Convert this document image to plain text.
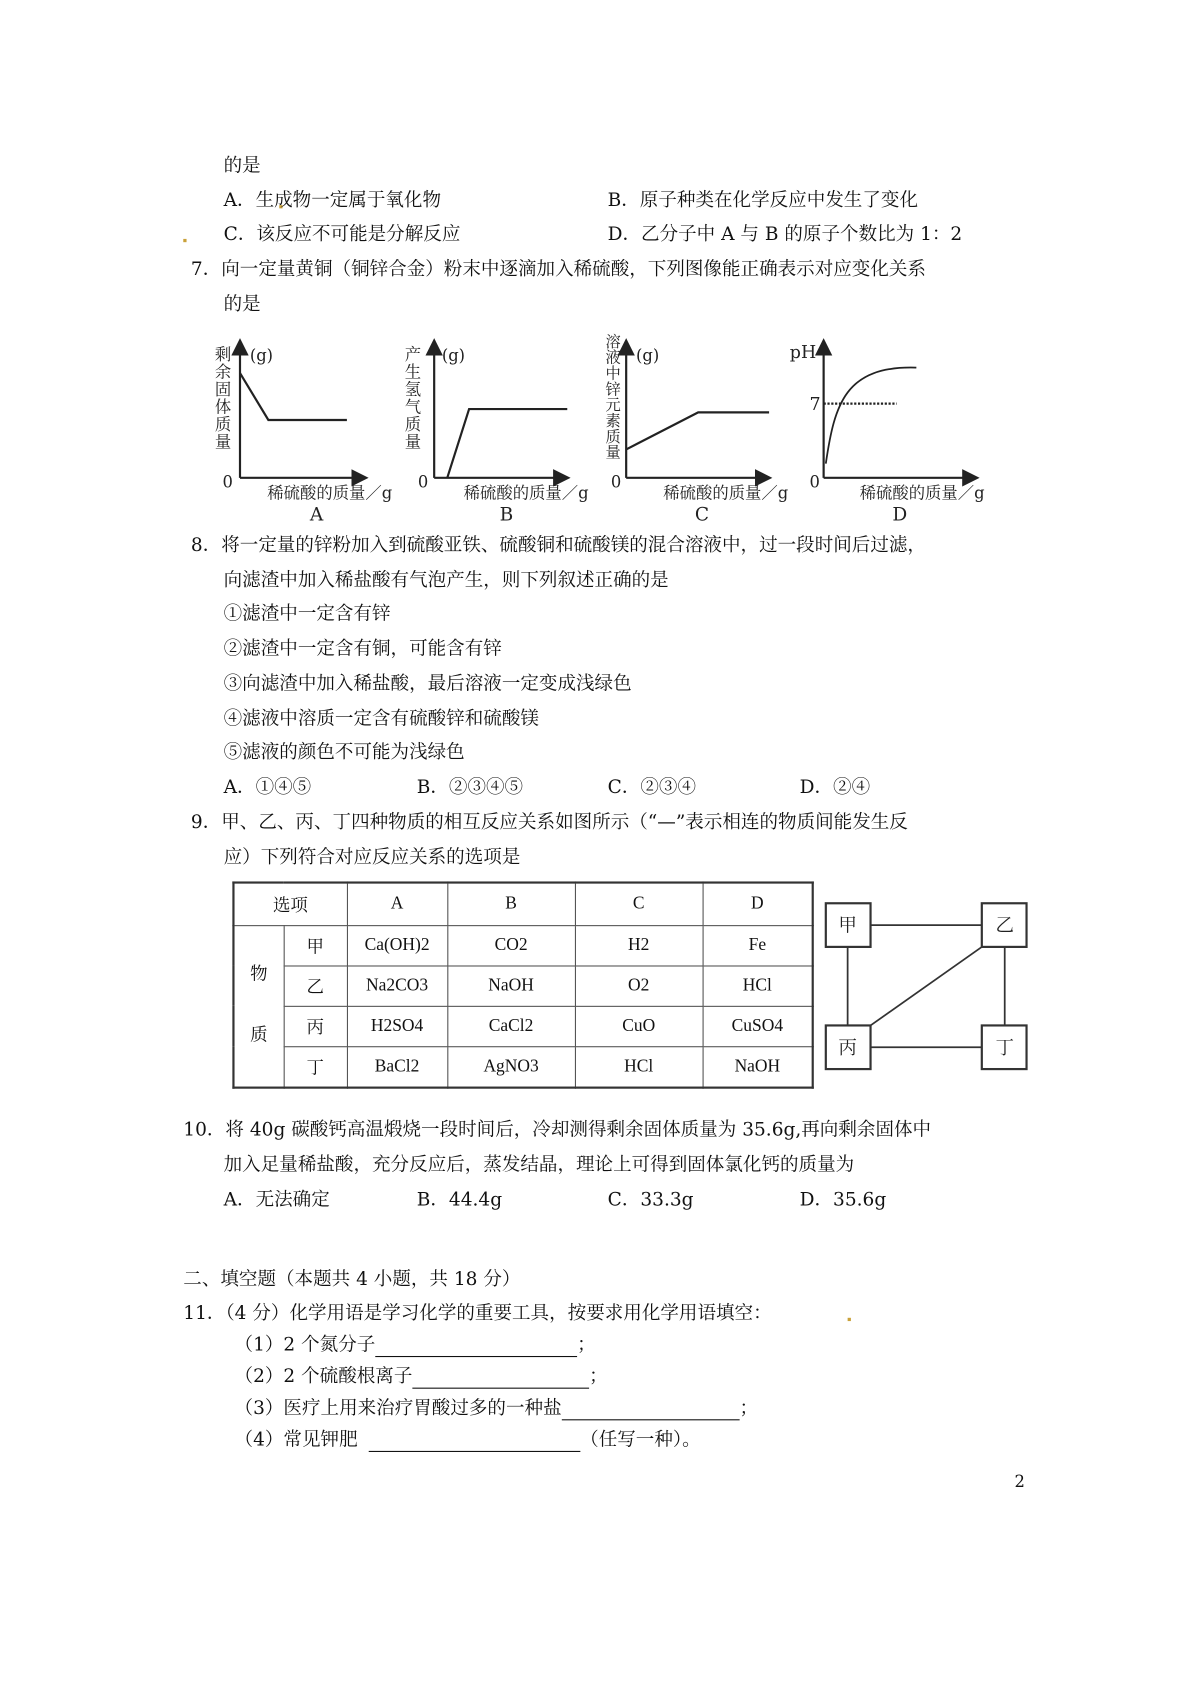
的是
A．生成物一定属于氧化物	B．原子种类在化学反应中发生了变化
C．该反应不可能是分解反应	D．乙分子中 A 与 B 的原子个数比为 1：2
7．向一定量黄铜（铜锌合金）粉末中逐滴加入稀硫酸，下列图像能正确表示对应变化关系
的是
剩余固体质量
(g)
0
稀硫酸的质量／g
A
产生氢气质量
(g)
0
稀硫酸的质量／g
B
溶液中锌元素质量
(g)
0
稀硫酸的质量／g
C
pH
7
0
稀硫酸的质量／g
D
8．将一定量的锌粉加入到硫酸亚铁、硫酸铜和硫酸镁的混合溶液中，过一段时间后过滤，
向滤渣中加入稀盐酸有气泡产生，则下列叙述正确的是
①滤渣中一定含有锌
②滤渣中一定含有铜，可能含有锌
③向滤渣中加入稀盐酸，最后溶液一定变成浅绿色
④滤液中溶质一定含有硫酸锌和硫酸镁
⑤滤液的颜色不可能为浅绿色
A．①④⑤	B．②③④⑤	C．②③④	D．②④
9．甲、乙、丙、丁四种物质的相互反应关系如图所示（“—”表示相连的物质间能发生反
应）下列符合对应反应关系的选项是
选项		A	B	C	D

物
质	甲	Ca(OH)2	CO2	H2	Fe
	乙	Na2CO3	NaOH	O2	HCl
	丙	H2SO4	CaCl2	CuO	CuSO4
	丁	BaCl2	AgNO3	HCl	NaOH
甲	乙
丙	丁
10．将 40g 碳酸钙高温煅烧一段时间后，冷却测得剩余固体质量为 35.6g,再向剩余固体中
加入足量稀盐酸，充分反应后，蒸发结晶，理论上可得到固体氯化钙的质量为
A．无法确定	B．44.4g	C．33.3g	D．35.6g
二、填空题（本题共 4 小题，共 18 分）
11．（4 分）化学用语是学习化学的重要工具，按要求用化学用语填空：
（1）2 个氮分子	；
（2）2 个硫酸根离子	；
（3）医疗上用来治疗胃酸过多的一种盐	；
（4）常见钾肥	（任写一种）。
2
